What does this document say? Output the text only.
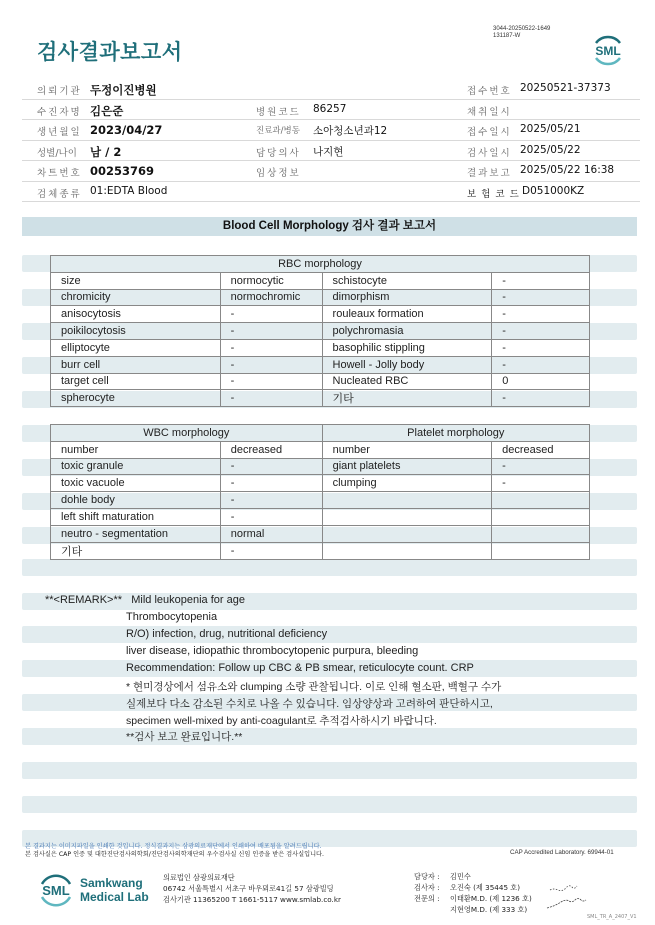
검사결과보고서
3044-20250522-1649
131187-W
SML
의뢰기관 두정이진병원	접수번호 20250521-37373
수진자명 김은준	병원코드 86257	채취일시
생년월일 2023/04/27	진료과/병동 소아청소년과12	접수일시 2025/05/21
성별/나이 남 / 2	담당의사 나지현	검사일시 2025/05/22
차트번호 00253769	임상정보	결과보고 2025/05/22 16:38
검체종류 01:EDTA Blood	보 험 코 드 D051000KZ
Blood Cell Morphology 검사 결과 보고서
RBC morphology			
size	normocytic	schistocyte	-
chromicity	normochromic	dimorphism	-
anisocytosis	-	rouleaux formation	-
poikilocytosis	-	polychromasia	-
elliptocyte	-	basophilic stippling	-
burr cell	-	Howell - Jolly body	-
target cell	-	Nucleated RBC	0
spherocyte	-	기타	-
WBC morphology		Platelet morphology	
number	decreased	number	decreased
toxic granule	-	giant platelets	-
toxic vacuole	-	clumping	-
dohle body	-		
left shift maturation	-		
neutro - segmentation	normal		
기타	-		
**<REMARK>** Mild leukopenia for age
Thrombocytopenia
R/O) infection, drug, nutritional deficiency
liver disease, idiopathic thrombocytopenic purpura, bleeding
Recommendation: Follow up CBC & PB smear, reticulocyte count. CRP
* 현미경상에서 섬유소와 clumping 소량 관찰됩니다. 이로 인해 혈소판, 백혈구 수가
실제보다 다소 감소된 수치로 나올 수 있습니다. 임상양상과 고려하여 판단하시고,
specimen well-mixed by anti-coagulant로 추적검사하시기 바랍니다.
**검사 보고 완료입니다.**
본 결과지는 이미지파일을 인쇄한 것입니다. 정식결과지는 삼광의료재단에서 인쇄하여 배포됨을 알려드립니다.
본 검사실은 CAP 인증 및 대한진단검사의학회/진단검사의학재단의 우수검사실 신임 인증을 받은 검사실입니다.	CAP Accredited Laboratory. 69944-01
SML Samkwang
Medical Lab
의료법인 삼광의료재단
06742 서울특별시 서초구 바우뫼로41길 57 삼광빌딩
검사기관 11365200 T 1661-5117 www.smlab.co.kr
담당자 :	김민수
검사자 :	오진숙 (제 35445 호)
전문의 :	이태환M.D. (제 1236 호)
지현영M.D. (제 333 호)
SML_TR_A_2407_V1
